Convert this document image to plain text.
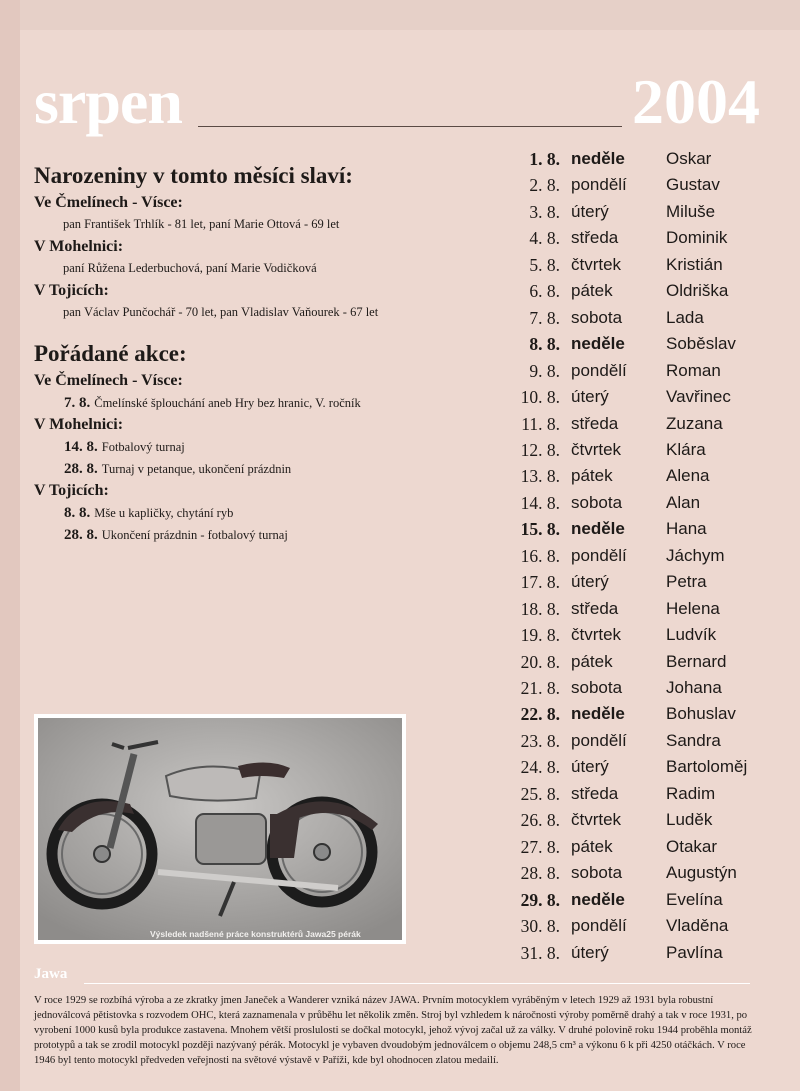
srpen	2004
Narozeniny v tomto měsíci slaví:
Ve Čmelínech - Vísce:
pan František Trhlík - 81 let, paní Marie Ottová - 69 let
V Mohelnici:
paní Růžena Lederbuchová, paní Marie Vodičková
V Tojicích:
pan Václav Punčochář - 70 let, pan Vladislav Vaňourek - 67 let
Pořádané akce:
Ve Čmelínech - Vísce:
7. 8. Čmelínské šplouchání aneb Hry bez hranic, V. ročník
V Mohelnici:
14. 8. Fotbalový turnaj
28. 8. Turnaj v petanque, ukončení prázdnin
V Tojicích:
8. 8. Mše u kapličky, chytání ryb
28. 8. Ukončení prázdnin - fotbalový turnaj
1. 8. neděle Oskar
2. 8. pondělí Gustav
3. 8. úterý	Miluše
4. 8. středa	Dominik
5. 8. čtvrtek	Kristián
6. 8. pátek	Oldriška
7. 8. sobota	Lada
8. 8. neděle Soběslav
9. 8. pondělí Roman
10. 8. úterý	Vavřinec
11. 8. středa	Zuzana
12. 8. čtvrtek	Klára
13. 8. pátek	Alena
14. 8. sobota	Alan
15. 8. neděle Hana
16. 8. pondělí Jáchym
17. 8. úterý	Petra
18. 8. středa	Helena
19. 8. čtvrtek	Ludvík
20. 8. pátek	Bernard
21. 8. sobota	Johana
22. 8. neděle Bohuslav
23. 8. pondělí Sandra
24. 8. úterý	Bartoloměj
25. 8. středa	Radim
26. 8. čtvrtek	Luděk
27. 8. pátek	Otakar
28. 8. sobota	Augustýn
29. 8. neděle Evelína
30. 8. pondělí Vladěna
31. 8. úterý	Pavlína
Výsledek nadšené práce konstruktérů Jawa25 pérák
Jawa
V roce 1929 se rozbíhá výroba a ze zkratky jmen Janeček a Wanderer vzniká název JAWA. Prvním motocyklem vyráběným v letech 1929 až 1931 byla robustní jednoválcová pětistovka s rozvodem OHC, která zaznamenala v průběhu let několik změn. Stroj byl vzhledem k náročnosti výroby poměrně drahý a tak v roce 1931, po vyrobení 1000 kusů byla produkce zastavena. Mnohem větší proslulosti se dočkal motocykl, jehož vývoj začal už za války. V druhé polovině roku 1944 proběhla montáž prototypů a tak se zrodil motocykl později nazývaný pérák. Motocykl je vybaven dvoudobým jednoválcem o objemu 248,5 cm³ a výkonu 6 k při 4250 otáčkách. V roce 1946 byl tento motocykl předveden veřejnosti na světové výstavě v Paříži, kde byl ohodnocen zlatou medailí.
